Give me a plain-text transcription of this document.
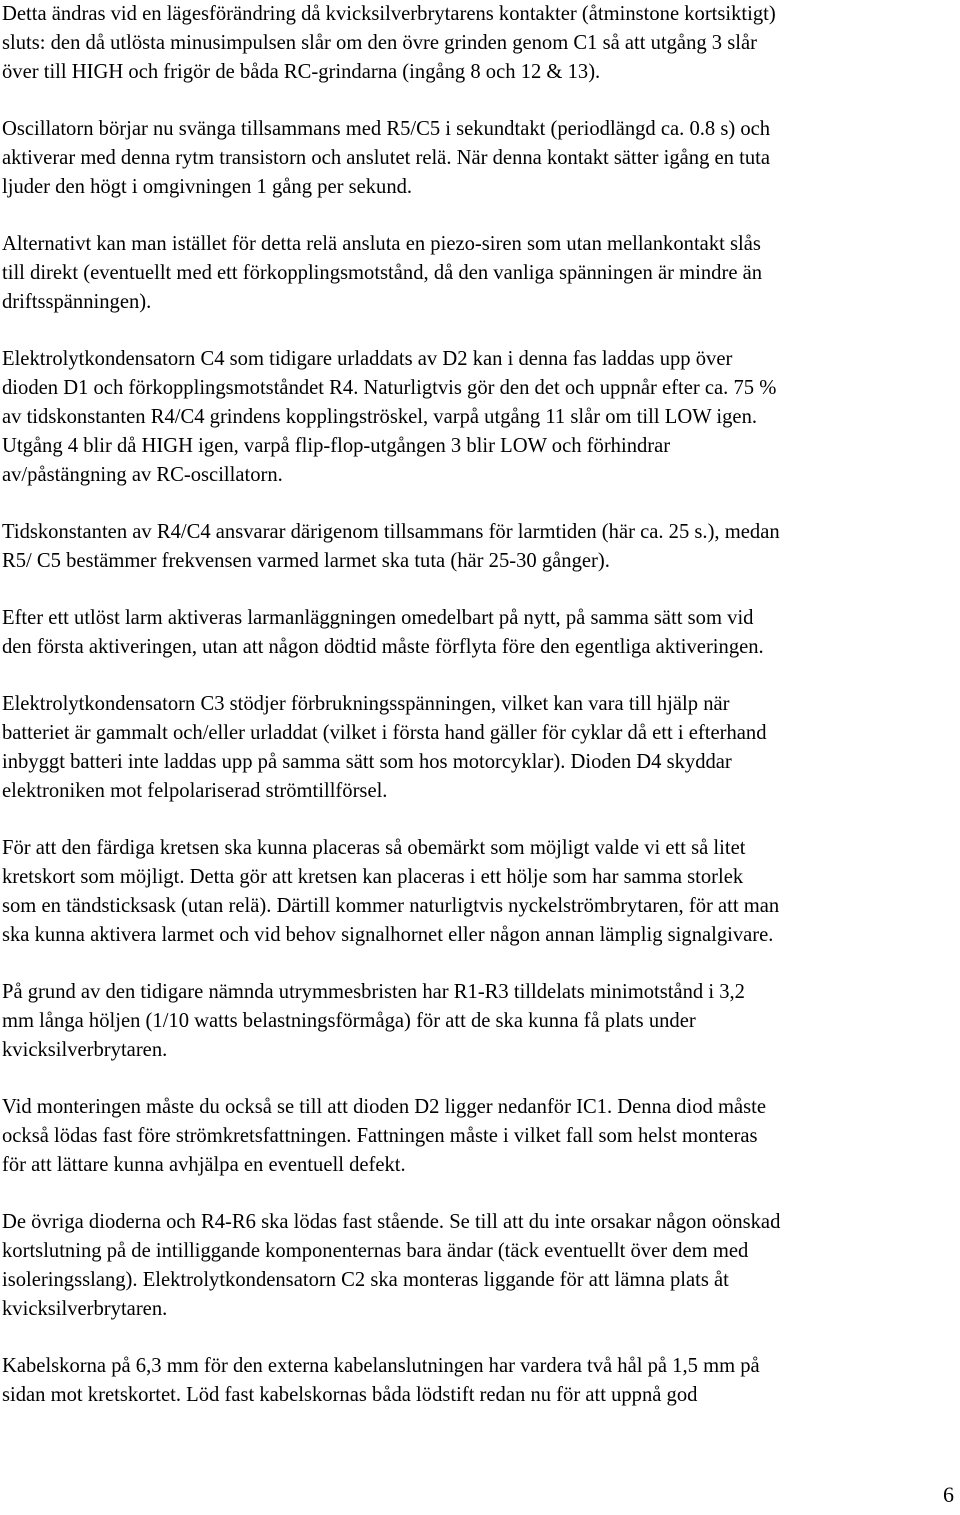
Detta ändras vid en lägesförändring då kvicksilverbrytarens kontakter (åtminstone kortsiktigt)
sluts: den då utlösta minusimpulsen slår om den övre grinden genom C1 så att utgång 3 slår
över till HIGH och frigör de båda RC-grindarna (ingång 8 och 12 & 13).

Oscillatorn börjar nu svänga tillsammans med R5/C5 i sekundtakt (periodlängd ca. 0.8 s) och
aktiverar med denna rytm transistorn och anslutet relä. När denna kontakt sätter igång en tuta
ljuder den högt i omgivningen 1 gång per sekund.

Alternativt kan man istället för detta relä ansluta en piezo-siren som utan mellankontakt slås
till direkt (eventuellt med ett förkopplingsmotstånd, då den vanliga spänningen är mindre än
driftsspänningen).

Elektrolytkondensatorn C4 som tidigare urladdats av D2 kan i denna fas laddas upp över
dioden D1 och förkopplingsmotståndet R4. Naturligtvis gör den det och uppnår efter ca. 75 %
av tidskonstanten R4/C4 grindens kopplingströskel, varpå utgång 11 slår om till LOW igen.
Utgång 4 blir då HIGH igen, varpå flip-flop-utgången 3 blir LOW och förhindrar
av/påstängning av RC-oscillatorn.

Tidskonstanten av R4/C4 ansvarar därigenom tillsammans för larmtiden (här ca. 25 s.), medan
R5/ C5 bestämmer frekvensen varmed larmet ska tuta (här 25-30 gånger).

Efter ett utlöst larm aktiveras larmanläggningen omedelbart på nytt, på samma sätt som vid
den första aktiveringen, utan att någon dödtid måste förflyta före den egentliga aktiveringen.

Elektrolytkondensatorn C3 stödjer förbrukningsspänningen, vilket kan vara till hjälp när
batteriet är gammalt och/eller urladdat (vilket i första hand gäller för cyklar då ett i efterhand
inbyggt batteri inte laddas upp på samma sätt som hos motorcyklar). Dioden D4 skyddar
elektroniken mot felpolariserad strömtillförsel.

För att den färdiga kretsen ska kunna placeras så obemärkt som möjligt valde vi ett så litet
kretskort som möjligt. Detta gör att kretsen kan placeras i ett hölje som har samma storlek
som en tändsticksask (utan relä). Därtill kommer naturligtvis nyckelströmbrytaren, för att man
ska kunna aktivera larmet och vid behov signalhornet eller någon annan lämplig signalgivare.

På grund av den tidigare nämnda utrymmesbristen har R1-R3 tilldelats minimotstånd i 3,2
mm långa höljen (1/10 watts belastningsförmåga) för att de ska kunna få plats under
kvicksilverbrytaren.

Vid monteringen måste du också se till att dioden D2 ligger nedanför IC1. Denna diod måste
också lödas fast före strömkretsfattningen. Fattningen måste i vilket fall som helst monteras
för att lättare kunna avhjälpa en eventuell defekt.

De övriga dioderna och R4-R6 ska lödas fast stående. Se till att du inte orsakar någon oönskad
kortslutning på de intilliggande komponenternas bara ändar (täck eventuellt över dem med
isoleringsslang). Elektrolytkondensatorn C2 ska monteras liggande för att lämna plats åt
kvicksilverbrytaren.

Kabelskorna på 6,3 mm för den externa kabelanslutningen har vardera två hål på 1,5 mm på
sidan mot kretskortet. Löd fast kabelskornas båda lödstift redan nu för att uppnå god

6
